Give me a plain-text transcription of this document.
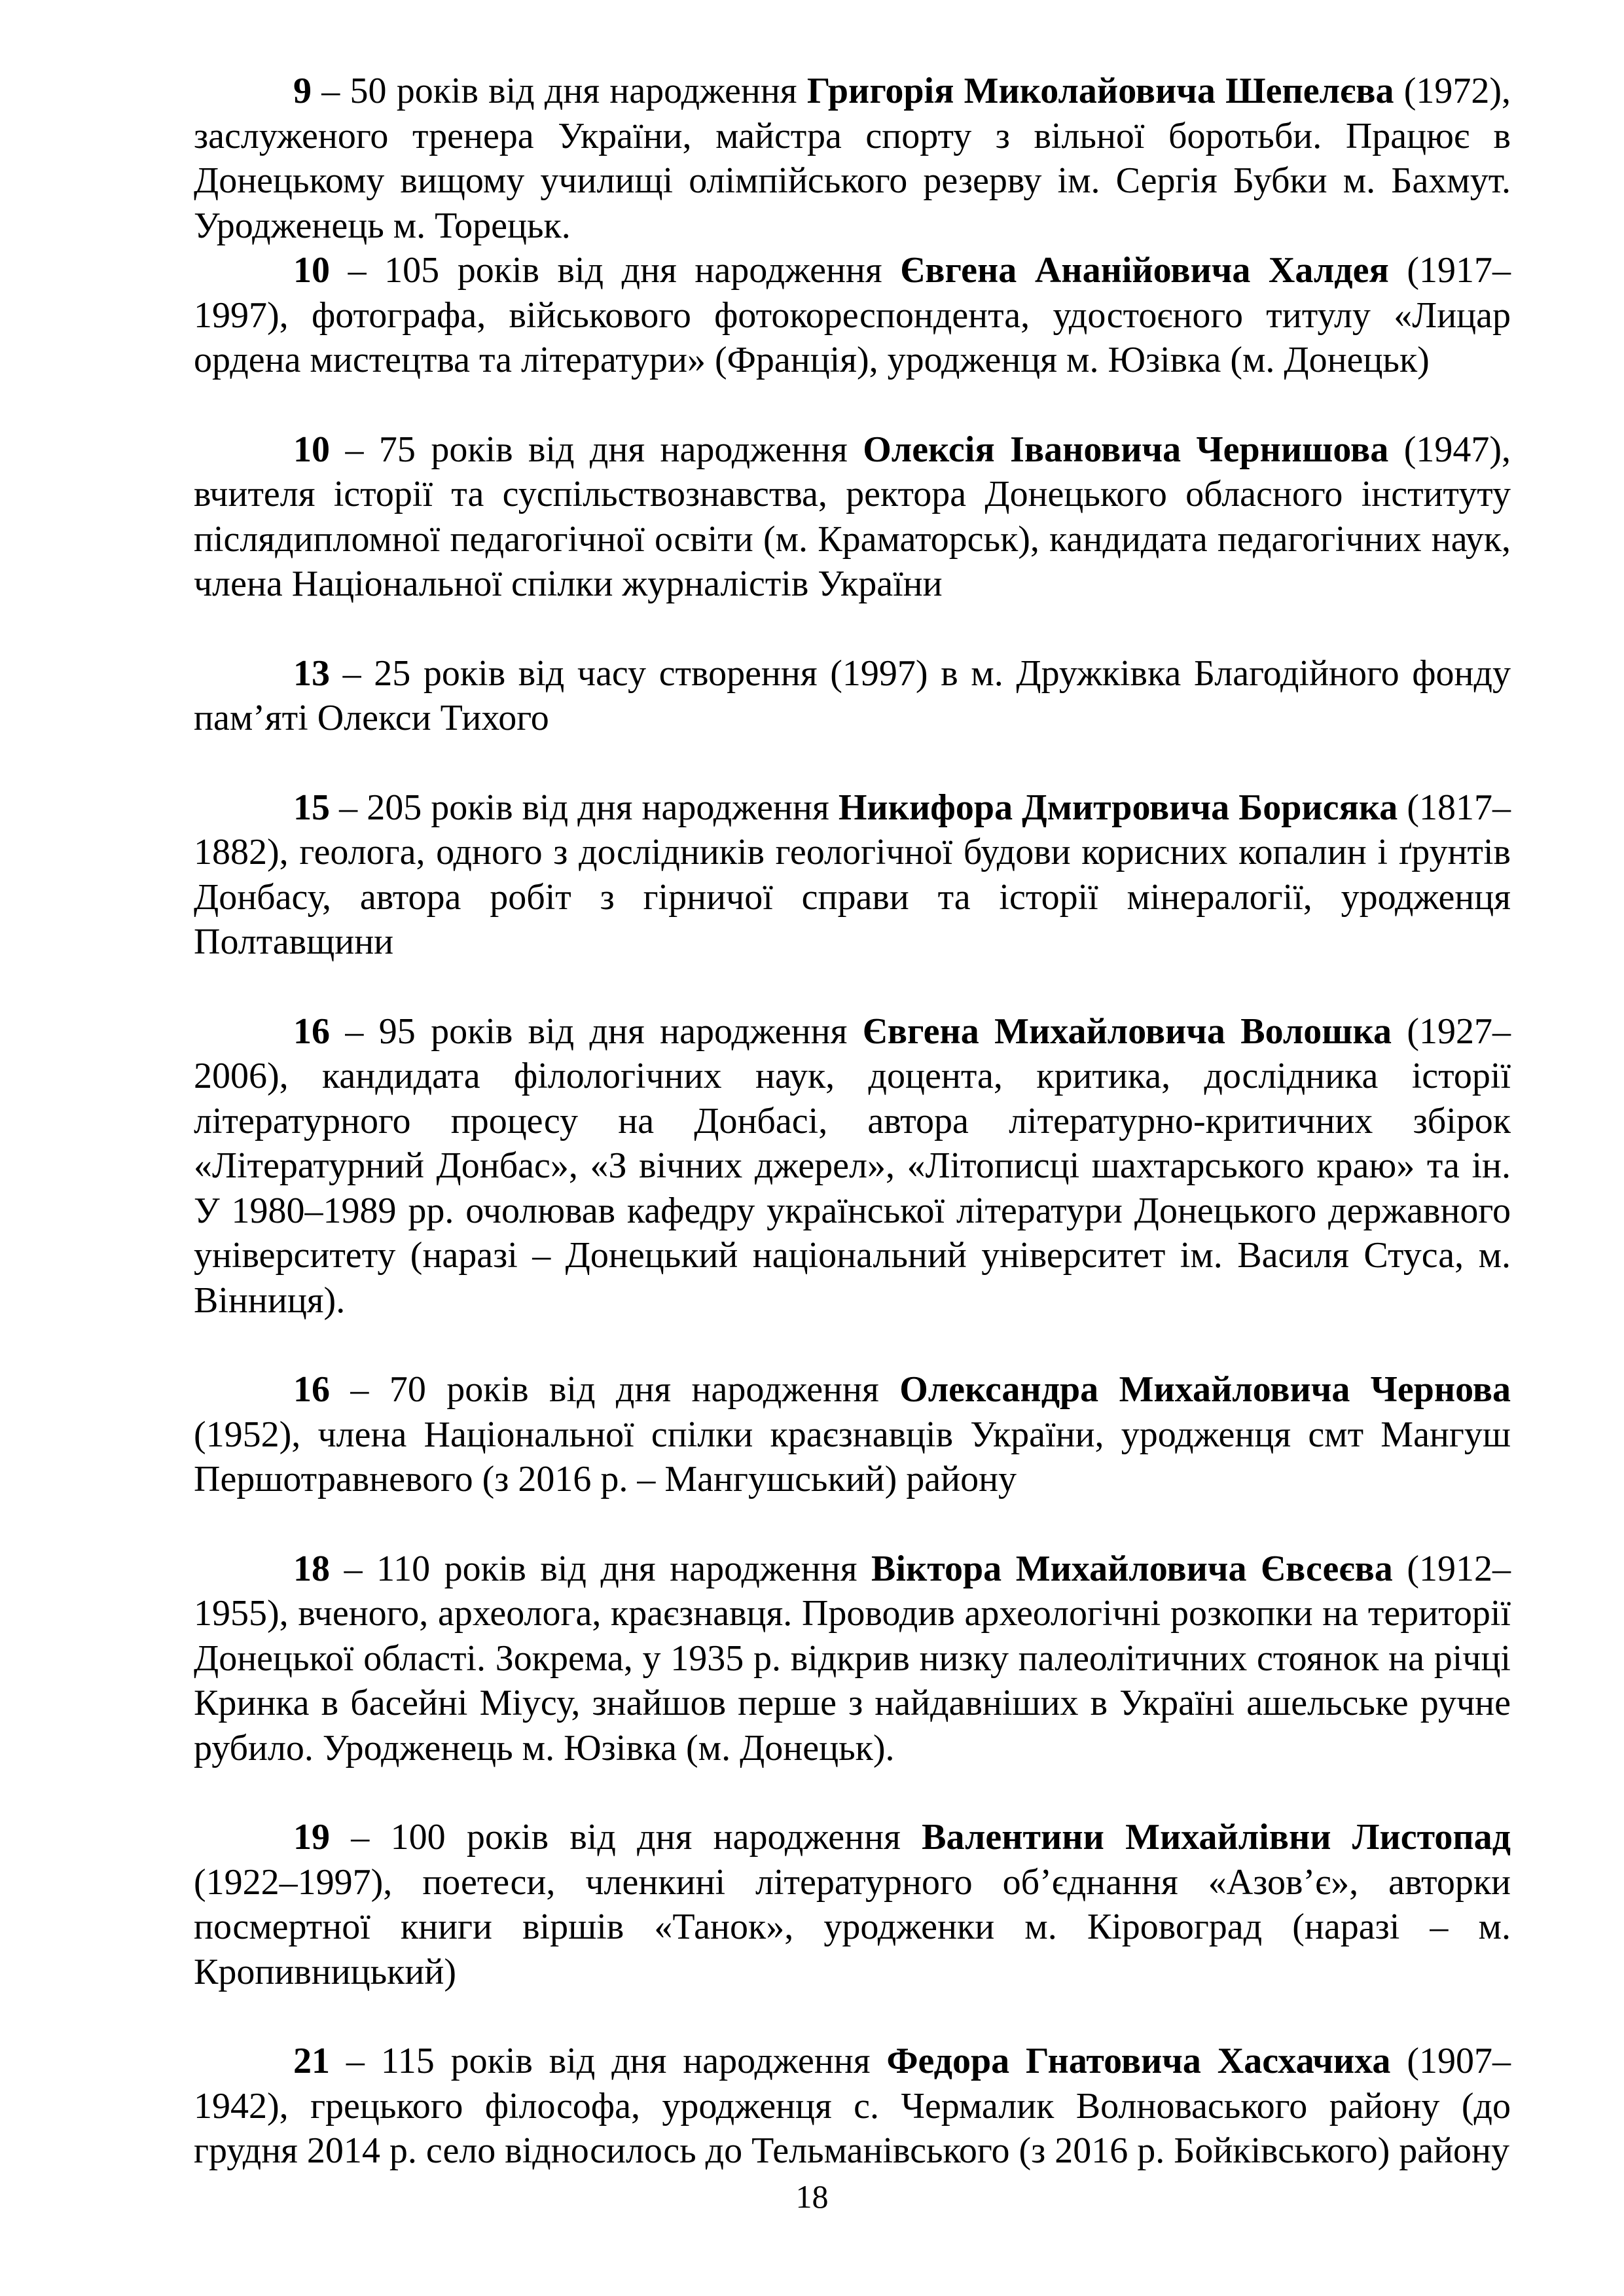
9 – 50 років від дня народження Григорія Миколайовича Шепелєва (1972), заслуженого тренера України, майстра спорту з вільної боротьби. Працює в Донецькому вищому училищі олімпійського резерву ім. Сергія Бубки м. Бахмут. Уродженець м. Торецьк.

10 – 105 років від дня народження Євгена Ананійовича Халдея (1917–1997), фотографа, військового фотокореспондента, удостоєного титулу «Лицар ордена мистецтва та літератури» (Франція), уродженця м. Юзівка (м. Донецьк)

10 – 75 років від дня народження Олексія Івановича Чернишова (1947), вчителя історії та суспільствознавства, ректора Донецького обласного інституту післядипломної педагогічної освіти (м. Краматорськ), кандидата педагогічних наук, члена Національної спілки журналістів України

13 – 25 років від часу створення (1997) в м. Дружківка Благодійного фонду пам’яті Олекси Тихого

15 – 205 років від дня народження Никифора Дмитровича Борисяка (1817–1882), геолога, одного з дослідників геологічної будови корисних копалин і ґрунтів Донбасу, автора робіт з гірничої справи та історії мінералогії, уродженця Полтавщини

16 – 95 років від дня народження Євгена Михайловича Волошка (1927–2006), кандидата філологічних наук, доцента, критика, дослідника історії літературного процесу на Донбасі, автора літературно-критичних збірок «Літературний Донбас», «З вічних джерел», «Літописці шахтарського краю» та ін. У 1980–1989 рр. очолював кафедру української літератури Донецького державного університету (наразі – Донецький національний університет ім. Василя Стуса, м. Вінниця).

16 – 70 років від дня народження Олександра Михайловича Чернова (1952), члена Національної спілки краєзнавців України, уродженця смт Мангуш Першотравневого (з 2016 р. – Мангушський) району

18 – 110 років від дня народження Віктора Михайловича Євсеєва (1912–1955), вченого, археолога, краєзнавця. Проводив археологічні розкопки на території Донецької області. Зокрема, у 1935 р. відкрив низку палеолітичних стоянок на річці Кринка в басейні Міусу, знайшов перше з найдавніших в Україні ашельське ручне рубило. Уродженець м. Юзівка (м. Донецьк).

19 – 100 років від дня народження Валентини Михайлівни Листопад (1922–1997), поетеси, членкині літературного об’єднання «Азов’є», авторки посмертної книги віршів «Танок», уродженки м. Кіровоград (наразі – м. Кропивницький)

21 – 115 років від дня народження Федора Гнатовича Хасхачиха (1907–1942), грецького філософа, уродженця с. Чермалик Волноваського району (до грудня 2014 р. село відносилось до Тельманівського (з 2016 р. Бойківського) району

18
